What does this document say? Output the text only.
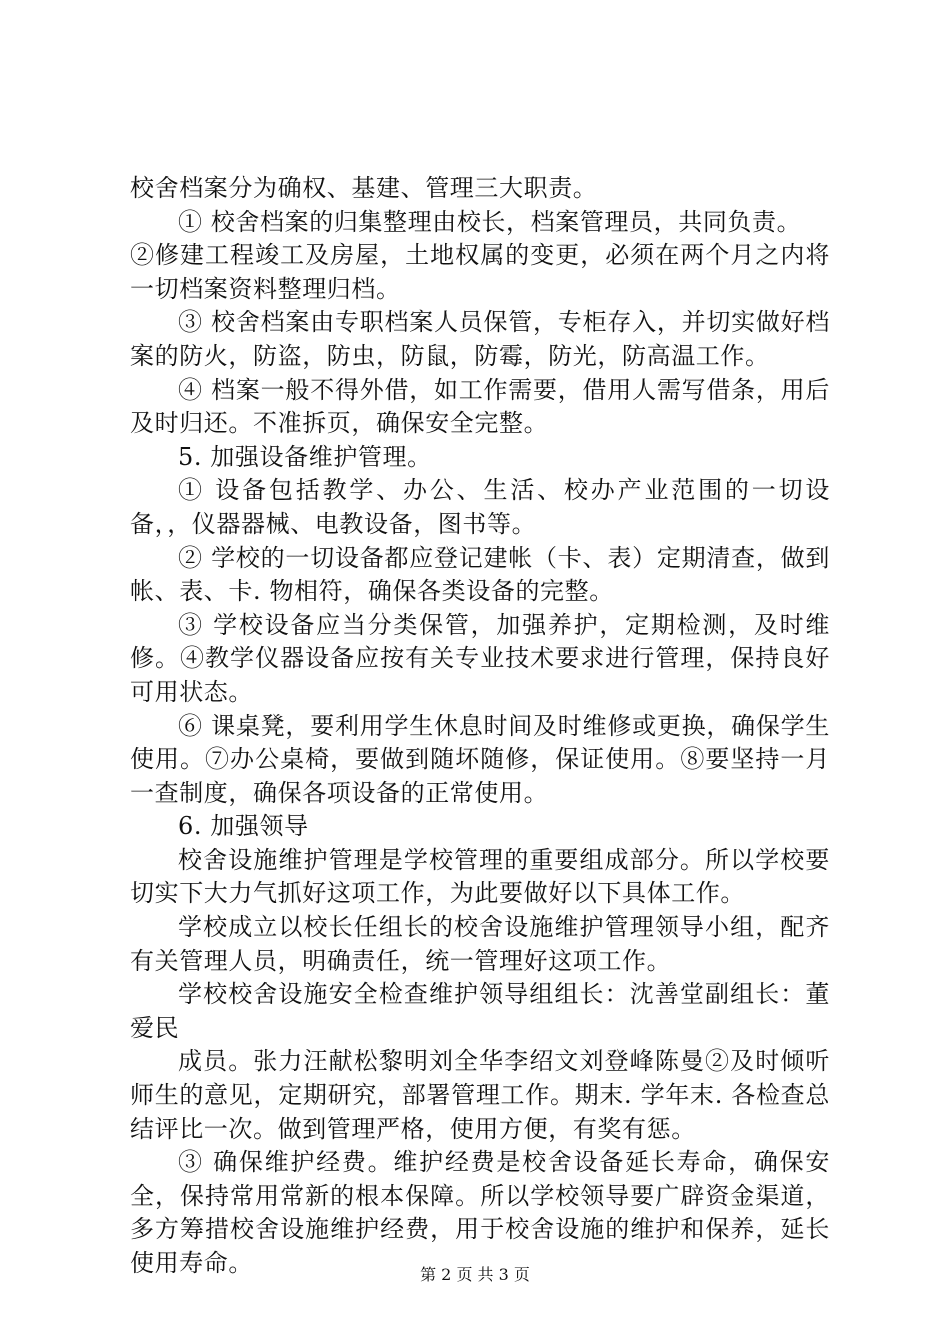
校舍档案分为确权、基建、管理三大职责。

① 校舍档案的归集整理由校长，档案管理员，共同负责。

②修建工程竣工及房屋，土地权属的变更，必须在两个月之内将一切档案资料整理归档。

③ 校舍档案由专职档案人员保管，专柜存入，并切实做好档案的防火，防盗，防虫，防鼠，防霉，防光，防高温工作。

④ 档案一般不得外借，如工作需要，借用人需写借条，用后及时归还。不准拆页，确保安全完整。

5. 加强设备维护管理。

① 设备包括教学、办公、生活、校办产业范围的一切设备，，仪器器械、电教设备，图书等。

② 学校的一切设备都应登记建帐（卡、表）定期清查，做到帐、表、卡. 物相符，确保各类设备的完整。

③ 学校设备应当分类保管，加强养护，定期检测，及时维修。④教学仪器设备应按有关专业技术要求进行管理，保持良好可用状态。

⑥ 课桌凳，要利用学生休息时间及时维修或更换，确保学生使用。⑦办公桌椅，要做到随坏随修，保证使用。⑧要坚持一月一查制度，确保各项设备的正常使用。

6. 加强领导

校舍设施维护管理是学校管理的重要组成部分。所以学校要切实下大力气抓好这项工作，为此要做好以下具体工作。

学校成立以校长任组长的校舍设施维护管理领导小组，配齐有关管理人员，明确责任，统一管理好这项工作。

学校校舍设施安全检查维护领导组组长：沈善堂副组长：董爱民

成员。张力汪献松黎明刘全华李绍文刘登峰陈曼②及时倾听师生的意见，定期研究，部署管理工作。期末. 学年末. 各检查总结评比一次。做到管理严格，使用方便，有奖有惩。

③ 确保维护经费。维护经费是校舍设备延长寿命，确保安全，保持常用常新的根本保障。所以学校领导要广辟资金渠道，多方筹措校舍设施维护经费，用于校舍设施的维护和保养，延长使用寿命。	第 2 页 共 3 页
